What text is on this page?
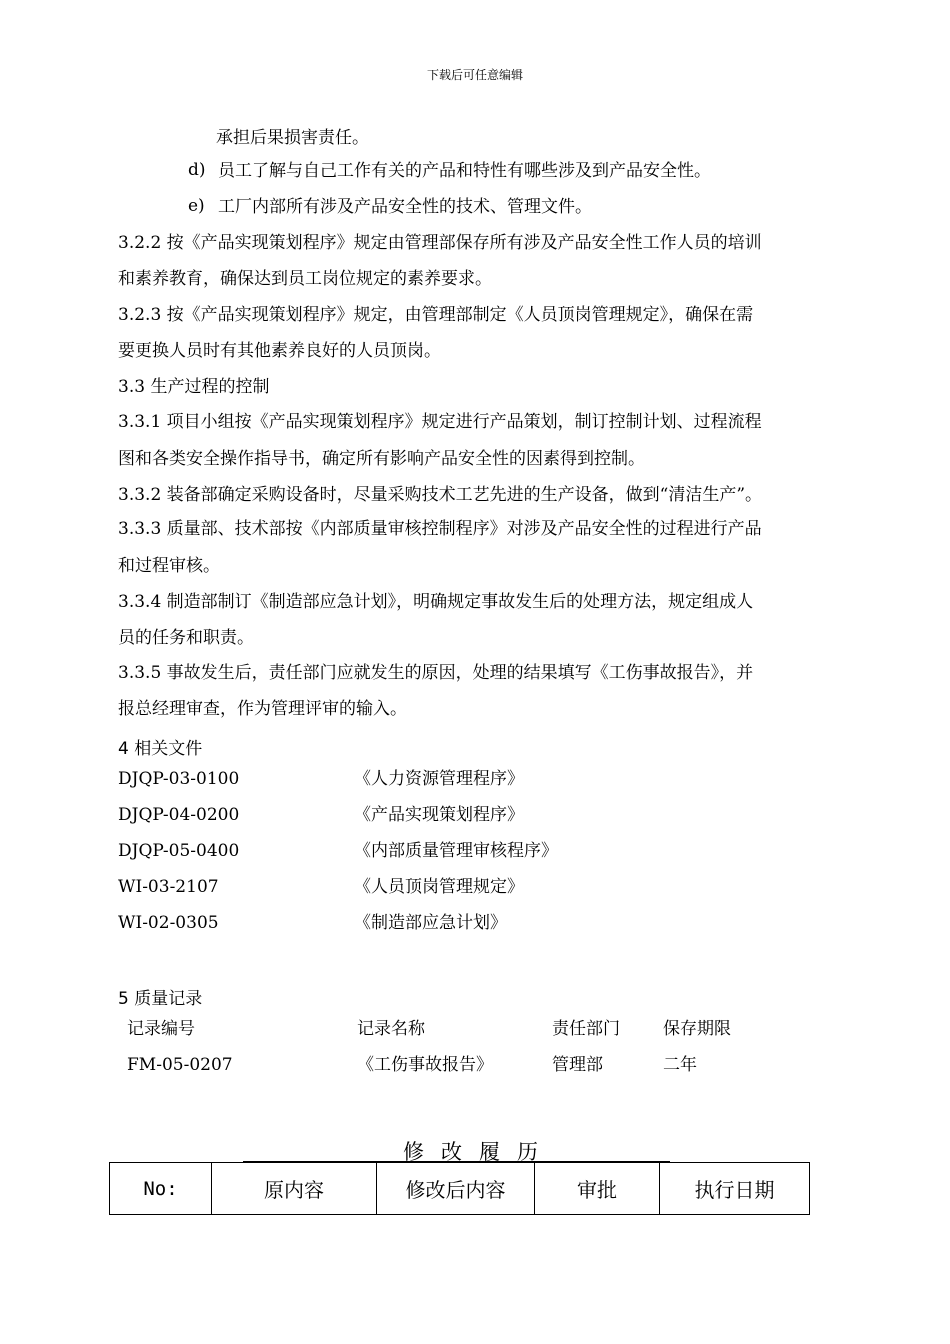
下载后可任意编辑
承担后果损害责任。
d) 员工了解与自己工作有关的产品和特性有哪些涉及到产品安全性。
e) 工厂内部所有涉及产品安全性的技术、管理文件。
3.2.2 按《产品实现策划程序》规定由管理部保存所有涉及产品安全性工作人员的培训
和素养教育，确保达到员工岗位规定的素养要求。
3.2.3 按《产品实现策划程序》规定，由管理部制定《人员顶岗管理规定》，确保在需
要更换人员时有其他素养良好的人员顶岗。
3.3 生产过程的控制
3.3.1 项目小组按《产品实现策划程序》规定进行产品策划，制订控制计划、过程流程
图和各类安全操作指导书，确定所有影响产品安全性的因素得到控制。
3.3.2 装备部确定采购设备时，尽量采购技术工艺先进的生产设备，做到“清洁生产”。
3.3.3 质量部、技术部按《内部质量审核控制程序》对涉及产品安全性的过程进行产品
和过程审核。
3.3.4 制造部制订《制造部应急计划》，明确规定事故发生后的处理方法，规定组成人
员的任务和职责。
3.3.5 事故发生后，责任部门应就发生的原因，处理的结果填写《工伤事故报告》，并
报总经理审查，作为管理评审的输入。
4 相关文件
DJQP-03-0100	《人力资源管理程序》
DJQP-04-0200	《产品实现策划程序》
DJQP-05-0400	《内部质量管理审核程序》
WI-03-2107	《人员顶岗管理规定》
WI-02-0305	《制造部应急计划》
5 质量记录
记录编号	记录名称	责任部门	保存期限
FM-05-0207	《工伤事故报告》	管理部	二年
修改履历
No:	原内容	修改后内容	审批	执行日期
